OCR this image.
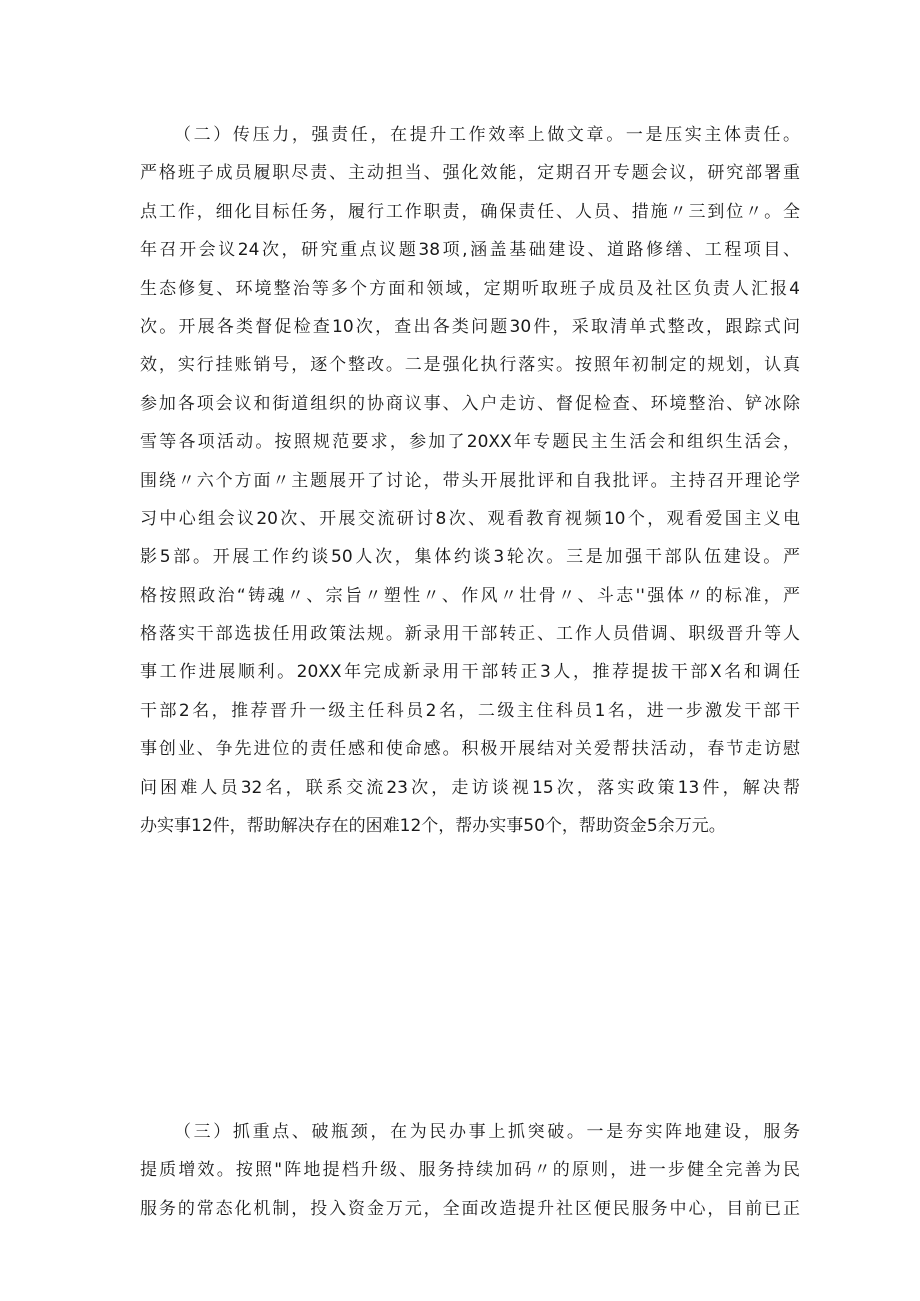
（二）传压力，强责任，在提升工作效率上做文章。一是压实主体责任。
严格班子成员履职尽责、主动担当、强化效能，定期召开专题会议，研究部署重
点工作，细化目标任务，履行工作职责，确保责任、人员、措施〃三到位〃。全
年召开会议24次，研究重点议题38项,涵盖基础建设、道路修缮、工程项目、
生态修复、环境整治等多个方面和领域，定期听取班子成员及社区负责人汇报4
次。开展各类督促检查10次，查出各类问题30件，采取清单式整改，跟踪式问
效，实行挂账销号，逐个整改。二是强化执行落实。按照年初制定的规划，认真
参加各项会议和街道组织的协商议事、入户走访、督促检查、环境整治、铲冰除
雪等各项活动。按照规范要求，参加了20XX年专题民主生活会和组织生活会，
围绕〃六个方面〃主题展开了讨论，带头开展批评和自我批评。主持召开理论学
习中心组会议20次、开展交流研讨8次、观看教育视频10个，观看爱国主义电
影5部。开展工作约谈50人次，集体约谈3轮次。三是加强干部队伍建设。严
格按照政治“铸魂〃、宗旨〃塑性〃、作风〃壮骨〃、斗志''强体〃的标准，严
格落实干部选拔任用政策法规。新录用干部转正、工作人员借调、职级晋升等人
事工作进展顺利。20XX年完成新录用干部转正3人，推荐提拔干部X名和调任
干部2名，推荐晋升一级主任科员2名，二级主住科员1名，进一步激发干部干
事创业、争先进位的责任感和使命感。积极开展结对关爱帮扶活动，春节走访慰
问困难人员32名，联系交流23次，走访谈视15次，落实政策13件，解决帮
办实事12件，帮助解决存在的困难12个，帮办实事50个，帮助资金5余万元。
（三）抓重点、破瓶颈，在为民办事上抓突破。一是夯实阵地建设，服务
提质增效。按照"阵地提档升级、服务持续加码〃的原则，进一步健全完善为民
服务的常态化机制，投入资金万元，全面改造提升社区便民服务中心，目前已正
